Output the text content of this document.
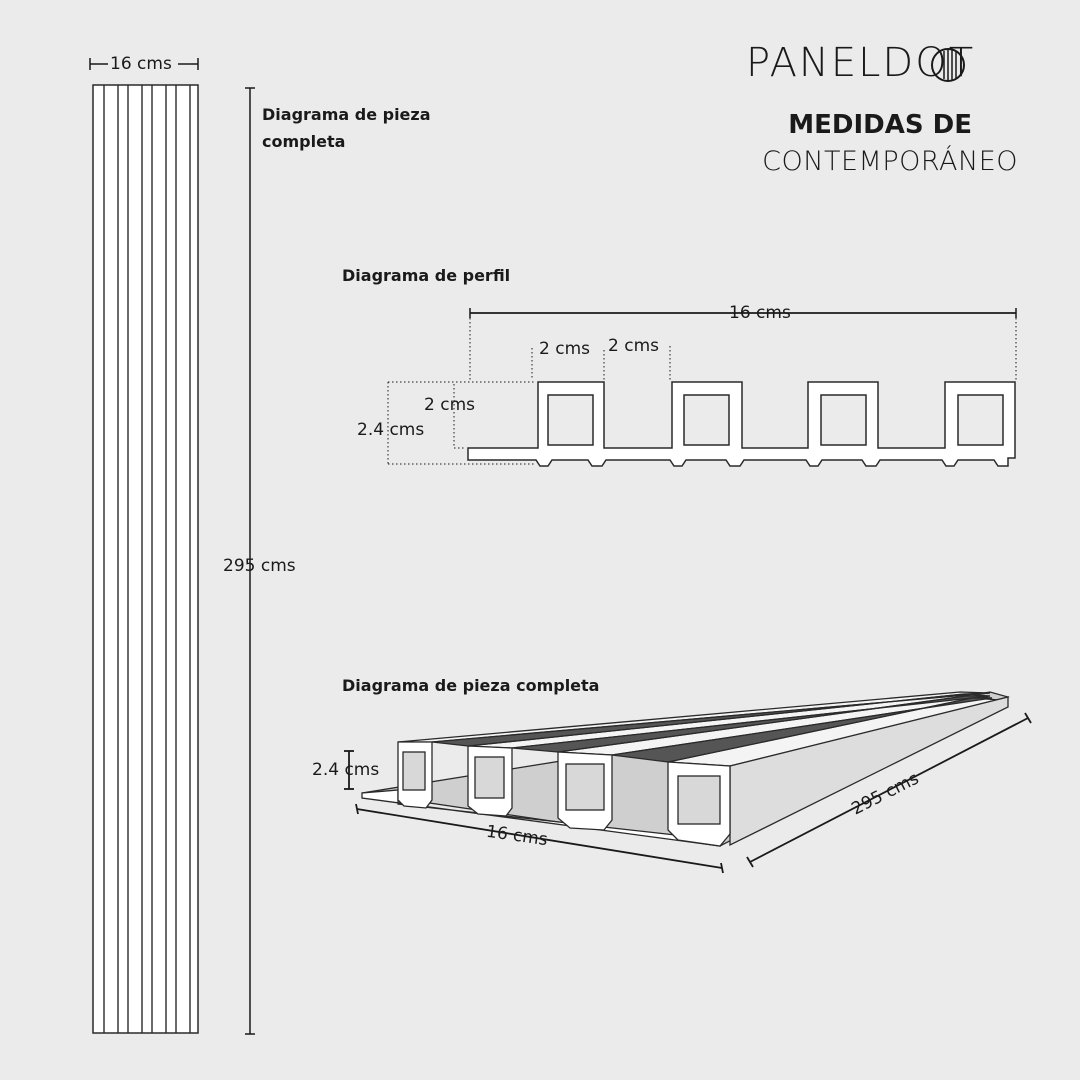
PANELDOT
MEDIDAS DE
CONTEMPORÁNEO
Diagrama de pieza completa
16 cms
295 cms
Diagrama de perfil
16 cms
2 cms 2 cms
2 cms
2.4 cms
Diagrama de pieza completa
2.4 cms
16 cms
295 cms
